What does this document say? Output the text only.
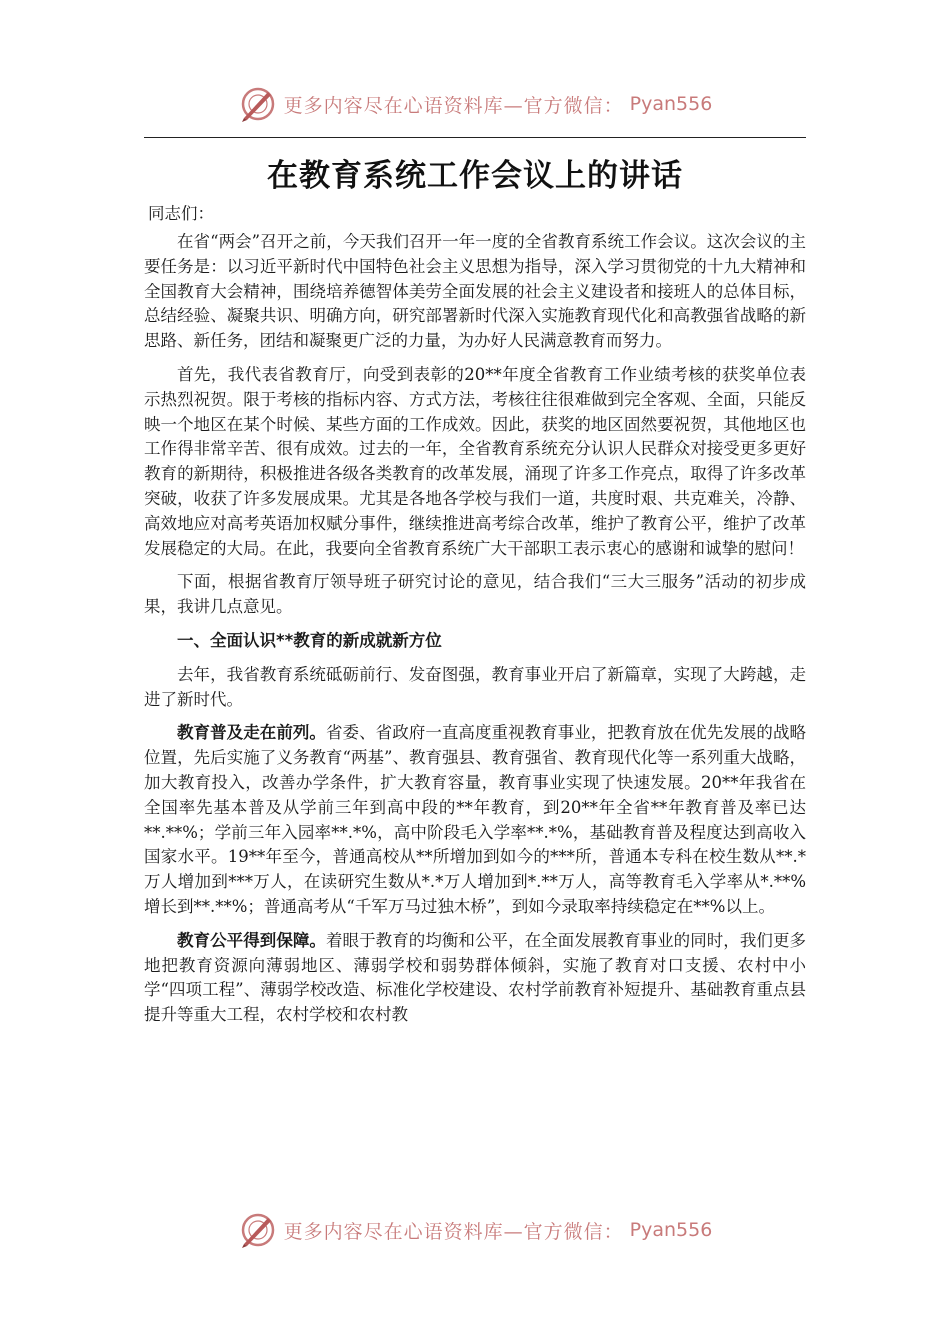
更多内容尽在心语资料库—官方微信： Pyan556
在教育系统工作会议上的讲话
同志们：

在省“两会”召开之前，今天我们召开一年一度的全省教育系统工作会议。这次会议的主要任务是：以习近平新时代中国特色社会主义思想为指导，深入学习贯彻党的十九大精神和全国教育大会精神，围绕培养德智体美劳全面发展的社会主义建设者和接班人的总体目标，总结经验、凝聚共识、明确方向，研究部署新时代深入实施教育现代化和高教强省战略的新思路、新任务，团结和凝聚更广泛的力量，为办好人民满意教育而努力。

首先，我代表省教育厅，向受到表彰的20**年度全省教育工作业绩考核的获奖单位表示热烈祝贺。限于考核的指标内容、方式方法，考核往往很难做到完全客观、全面，只能反映一个地区在某个时候、某些方面的工作成效。因此，获奖的地区固然要祝贺，其他地区也工作得非常辛苦、很有成效。过去的一年，全省教育系统充分认识人民群众对接受更多更好教育的新期待，积极推进各级各类教育的改革发展，涌现了许多工作亮点，取得了许多改革突破，收获了许多发展成果。尤其是各地各学校与我们一道，共度时艰、共克难关，冷静、高效地应对高考英语加权赋分事件，继续推进高考综合改革，维护了教育公平，维护了改革发展稳定的大局。在此，我要向全省教育系统广大干部职工表示衷心的感谢和诚挚的慰问！

下面，根据省教育厅领导班子研究讨论的意见，结合我们“三大三服务”活动的初步成果，我讲几点意见。

一、全面认识**教育的新成就新方位

去年，我省教育系统砥砺前行、发奋图强，教育事业开启了新篇章，实现了大跨越，走进了新时代。

教育普及走在前列。省委、省政府一直高度重视教育事业，把教育放在优先发展的战略位置，先后实施了义务教育“两基”、教育强县、教育强省、教育现代化等一系列重大战略，加大教育投入，改善办学条件，扩大教育容量，教育事业实现了快速发展。20**年我省在全国率先基本普及从学前三年到高中段的**年教育，到20**年全省**年教育普及率已达**.**%；学前三年入园率**.*%，高中阶段毛入学率**.*%，基础教育普及程度达到高收入国家水平。19**年至今，普通高校从**所增加到如今的***所，普通本专科在校生数从**.*万人增加到***万人，在读研究生数从*.*万人增加到*.**万人，高等教育毛入学率从*.**%增长到**.**%；普通高考从“千军万马过独木桥”，到如今录取率持续稳定在**%以上。

教育公平得到保障。着眼于教育的均衡和公平，在全面发展教育事业的同时，我们更多地把教育资源向薄弱地区、薄弱学校和弱势群体倾斜，实施了教育对口支援、农村中小学“四项工程”、薄弱学校改造、标准化学校建设、农村学前教育补短提升、基础教育重点县提升等重大工程，农村学校和农村教

更多内容尽在心语资料库—官方微信： Pyan556
